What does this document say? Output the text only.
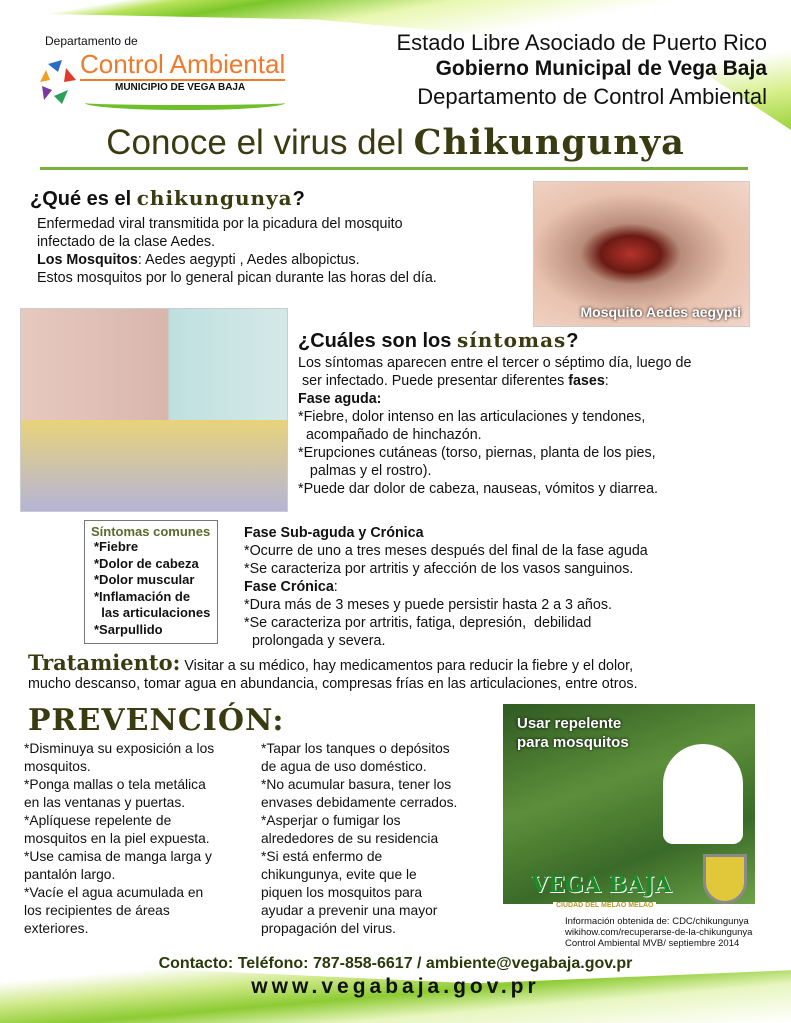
Departamento de
Control Ambiental
MUNICIPIO DE VEGA BAJA
Estado Libre Asociado de Puerto Rico
Gobierno Municipal de Vega Baja
Departamento de Control Ambiental
Conoce el virus del Chikungunya
¿Qué es el chikungunya?
Enfermedad viral transmitida por la picadura del mosquito
infectado de la clase Aedes.
Los Mosquitos: Aedes aegypti , Aedes albopictus.
Estos mosquitos por lo general pican durante las horas del día.
Mosquito Aedes aegypti
¿Cuáles son los síntomas?
Los síntomas aparecen entre el tercer o séptimo día, luego de
ser infectado. Puede presentar diferentes fases:
Fase aguda:
*Fiebre, dolor intenso en las articulaciones y tendones,
acompañado de hinchazón.
*Erupciones cutáneas (torso, piernas, planta de los pies,
palmas y el rostro).
*Puede dar dolor de cabeza, nauseas, vómitos y diarrea.
Síntomas comunes
*Fiebre
*Dolor de cabeza
*Dolor muscular
*Inflamación de
las articulaciones
*Sarpullido
Fase Sub-aguda y Crónica
*Ocurre de uno a tres meses después del final de la fase aguda
*Se caracteriza por artritis y afección de los vasos sanguinos.
Fase Crónica:
*Dura más de 3 meses y puede persistir hasta 2 a 3 años.
*Se caracteriza por artritis, fatiga, depresión,  debilidad
prolongada y severa.
Tratamiento: Visitar a su médico, hay medicamentos para reducir la fiebre y el dolor,
mucho descanso, tomar agua en abundancia, compresas frías en las articulaciones, entre otros.
PREVENCIÓN:
*Disminuya su exposición a los
mosquitos.
*Ponga mallas o tela metálica
en las ventanas y puertas.
*Aplíquese repelente de
mosquitos en la piel expuesta.
*Use camisa de manga larga y
pantalón largo.
*Vacíe el agua acumulada en
los recipientes de áreas
exteriores.
*Tapar los tanques o depósitos
de agua de uso doméstico.
*No acumular basura, tener los
envases debidamente cerrados.
*Asperjar o fumigar los
alrededores de su residencia
*Si está enfermo de
chikungunya, evite que le
piquen los mosquitos para
ayudar a prevenir una mayor
propagación del virus.
Usar repelente
para mosquitos
VEGA BAJA
CIUDAD DEL MELAO MELAO
Información obtenida de: CDC/chikungunya
wikihow.com/recuperarse-de-la-chikungunya
Control Ambiental MVB/ septiembre 2014
Contacto: Teléfono: 787-858-6617 / ambiente@vegabaja.gov.pr
www.vegabaja.gov.pr
